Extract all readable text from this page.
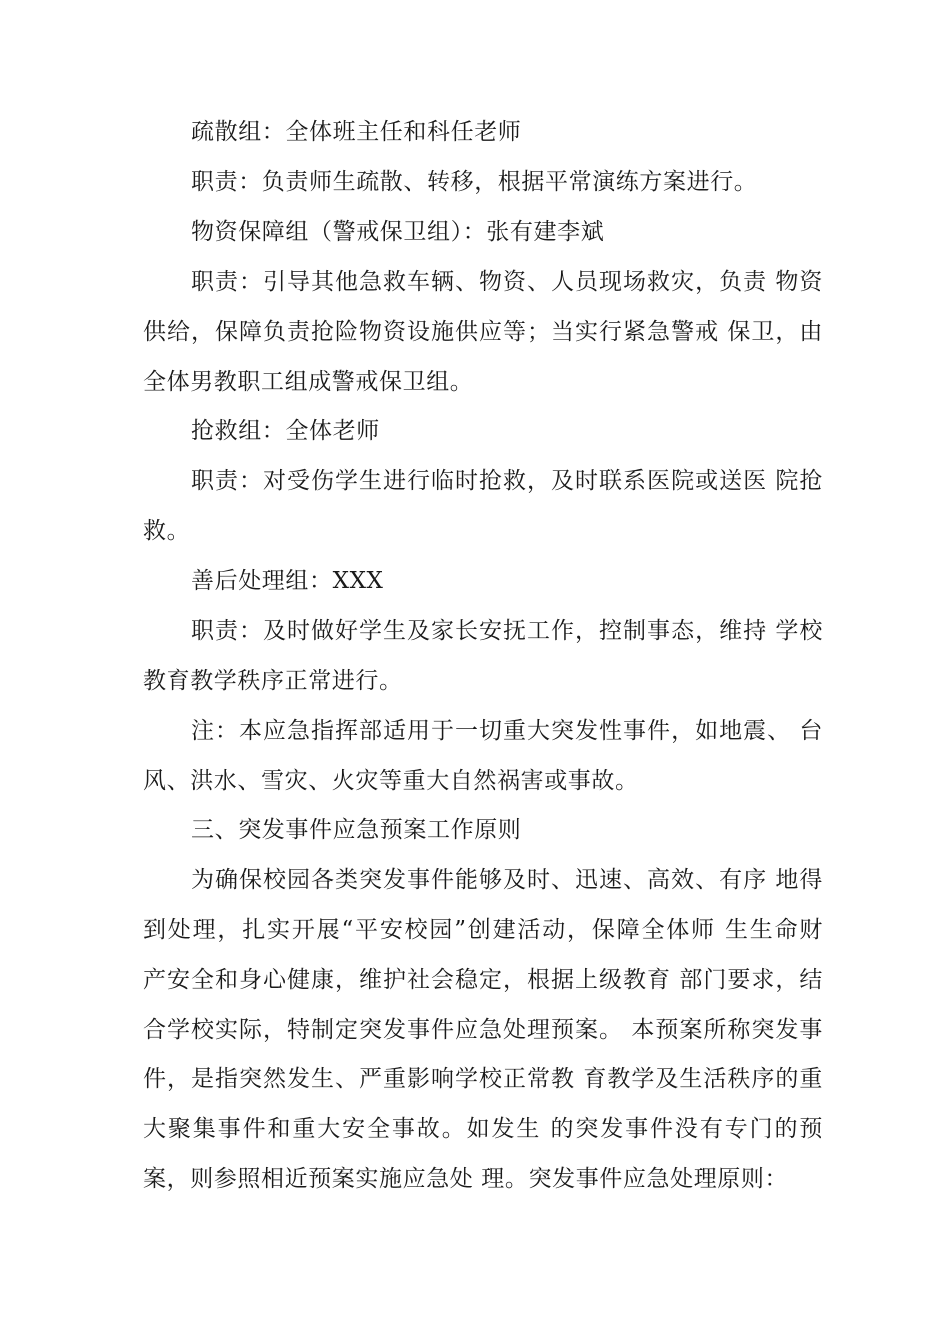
疏散组：全体班主任和科任老师
职责：负责师生疏散、转移，根据平常演练方案进行。
物资保障组（警戒保卫组）：张有建李斌
职责：引导其他急救车辆、物资、人员现场救灾，负责 物资
供给，保障负责抢险物资设施供应等；当实行紧急警戒 保卫，由
全体男教职工组成警戒保卫组。
抢救组：全体老师
职责：对受伤学生进行临时抢救，及时联系医院或送医 院抢
救。
善后处理组：XXX
职责：及时做好学生及家长安抚工作，控制事态，维持 学校
教育教学秩序正常进行。
注：本应急指挥部适用于一切重大突发性事件，如地震、 台
风、洪水、雪灾、火灾等重大自然祸害或事故。
三、突发事件应急预案工作原则
为确保校园各类突发事件能够及时、迅速、高效、有序 地得
到处理，扎实开展“平安校园”创建活动，保障全体师 生生命财
产安全和身心健康，维护社会稳定，根据上级教育 部门要求，结
合学校实际，特制定突发事件应急处理预案。 本预案所称突发事
件，是指突然发生、严重影响学校正常教 育教学及生活秩序的重
大聚集事件和重大安全事故。如发生 的突发事件没有专门的预
案，则参照相近预案实施应急处 理。突发事件应急处理原则：
